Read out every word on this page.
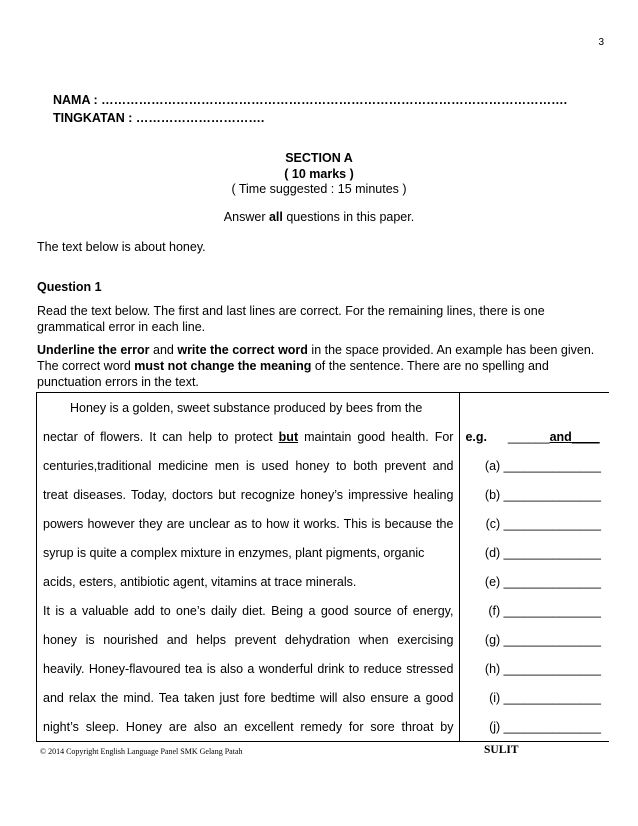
3
NAMA : ………………………………………………………………………………………………….
TINGKATAN : ………………………….
SECTION A
( 10 marks )
( Time suggested : 15 minutes )
Answer all questions in this paper.
The text below is about honey.
Question 1
Read the text below. The first and last lines are correct. For the remaining lines, there is one grammatical error in each line.
Underline the error and write the correct word in the space provided. An example has been given. The correct word must not change the meaning of the sentence. There are no spelling and punctuation errors in the text.
Honey is a golden, sweet substance produced by bees from the	
nectar of flowers. It can help to protect but maintain good health. For	e.g. ______and____
centuries,traditional medicine men is used honey to both prevent and	(a) ______________
treat diseases. Today, doctors but recognize honey’s impressive healing	(b) ______________
powers however they are unclear as to how it works. This is because the	(c) ______________
syrup is quite a complex mixture in enzymes, plant pigments, organic	(d) ______________
acids, esters, antibiotic agent, vitamins at trace minerals.	(e) ______________
It is a valuable add to one’s daily diet. Being a good source of energy,	(f) ______________
honey is nourished and helps prevent dehydration when exercising	(g) ______________
heavily. Honey-flavoured tea is also a wonderful drink to reduce stressed	(h) ______________
and relax the mind. Tea taken just fore bedtime will also ensure a good	(i) ______________
night’s sleep. Honey are also an excellent remedy for sore throat by	(j) ______________
© 2014 Copyright English Language Panel SMK Gelang Patah	SULIT
